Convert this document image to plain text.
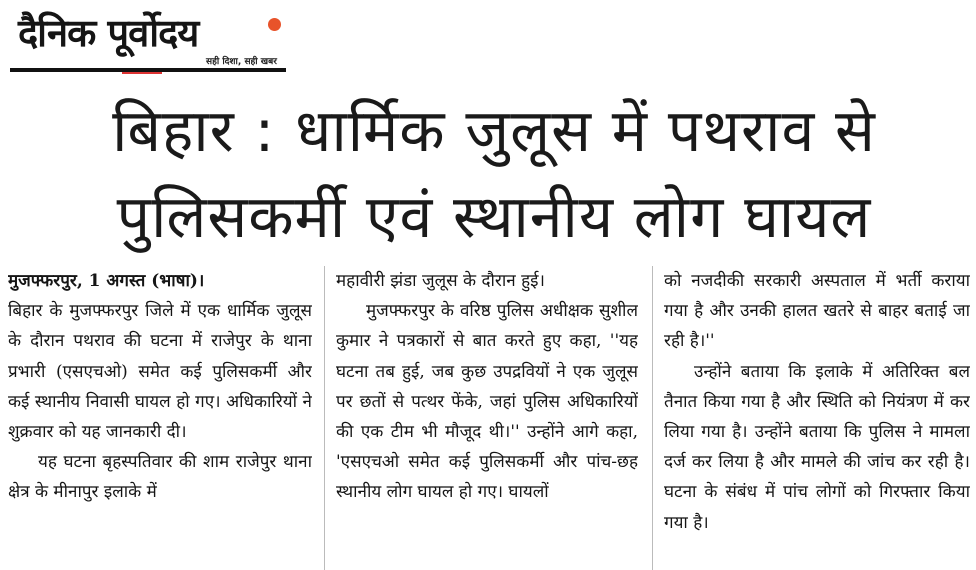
दैनिक पूर्वोदय
सही दिशा, सही खबर
बिहार : धार्मिक जुलूस में पथराव से पुलिसकर्मी एवं स्थानीय लोग घायल

मुजफ्फरपुर, 1 अगस्त (भाषा)।

बिहार के मुजफ्फरपुर जिले में एक धार्मिक जुलूस के दौरान पथराव की घटना में राजेपुर के थाना प्रभारी (एसएचओ) समेत कई पुलिसकर्मी और कई स्थानीय निवासी घायल हो गए। अधिकारियों ने शुक्रवार को यह जानकारी दी।

यह घटना बृहस्पतिवार की शाम राजेपुर थाना क्षेत्र के मीनापुर इलाके में

महावीरी झंडा जुलूस के दौरान हुई।

मुजफ्फरपुर के वरिष्ठ पुलिस अधीक्षक सुशील कुमार ने पत्रकारों से बात करते हुए कहा, ''यह घटना तब हुई, जब कुछ उपद्रवियों ने एक जुलूस पर छतों से पत्थर फेंके, जहां पुलिस अधिकारियों की एक टीम भी मौजूद थी।'' उन्होंने आगे कहा, 'एसएचओ समेत कई पुलिसकर्मी और पांच-छह स्थानीय लोग घायल हो गए। घायलों

को नजदीकी सरकारी अस्पताल में भर्ती कराया गया है और उनकी हालत खतरे से बाहर बताई जा रही है।''

उन्होंने बताया कि इलाके में अतिरिक्त बल तैनात किया गया है और स्थिति को नियंत्रण में कर लिया गया है। उन्होंने बताया कि पुलिस ने मामला दर्ज कर लिया है और मामले की जांच कर रही है। घटना के संबंध में पांच लोगों को गिरफ्तार किया गया है।
